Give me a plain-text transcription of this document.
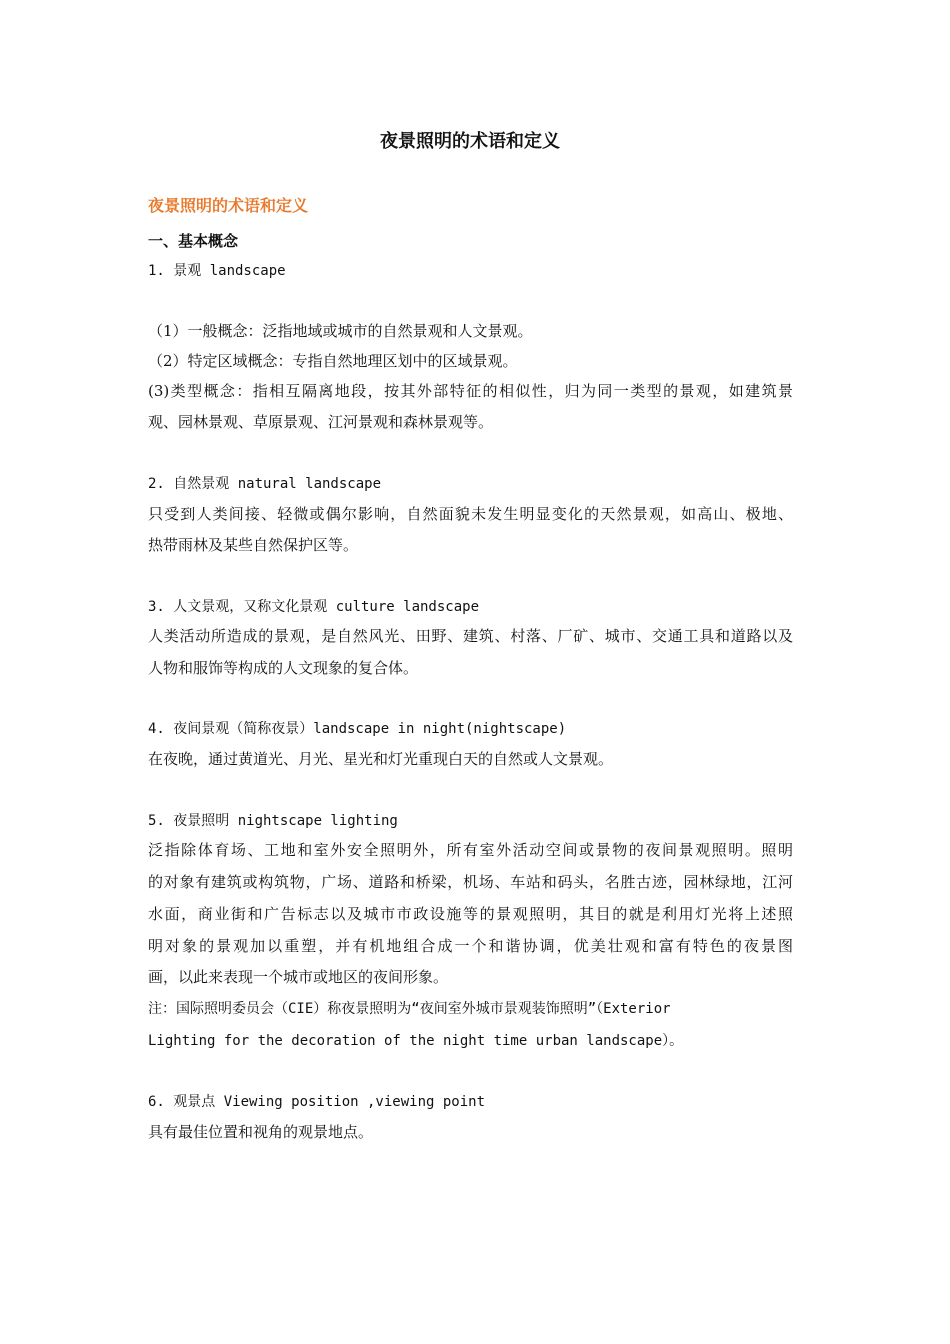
夜景照明的术语和定义
夜景照明的术语和定义
一、基本概念
1. 景观 landscape
（1）一般概念：泛指地域或城市的自然景观和人文景观。
（2）特定区域概念：专指自然地理区划中的区域景观。
(3)类型概念：指相互隔离地段，按其外部特征的相似性，归为同一类型的景观，如建筑景
观、园林景观、草原景观、江河景观和森林景观等。
2. 自然景观 natural landscape
只受到人类间接、轻微或偶尔影响，自然面貌未发生明显变化的天然景观，如高山、极地、
热带雨林及某些自然保护区等。
3. 人文景观，又称文化景观 culture landscape
人类活动所造成的景观，是自然风光、田野、建筑、村落、厂矿、城市、交通工具和道路以及
人物和服饰等构成的人文现象的复合体。
4. 夜间景观（简称夜景）landscape in night(nightscape)
在夜晚，通过黄道光、月光、星光和灯光重现白天的自然或人文景观。
5. 夜景照明 nightscape lighting
泛指除体育场、工地和室外安全照明外，所有室外活动空间或景物的夜间景观照明。照明
的对象有建筑或构筑物，广场、道路和桥梁，机场、车站和码头，名胜古迹，园林绿地，江河
水面，商业街和广告标志以及城市市政设施等的景观照明，其目的就是利用灯光将上述照
明对象的景观加以重塑，并有机地组合成一个和谐协调，优美壮观和富有特色的夜景图
画，以此来表现一个城市或地区的夜间形象。
注：国际照明委员会（CIE）称夜景照明为“夜间室外城市景观装饰照明”（Exterior
Lighting for the decoration of the night time urban landscape）。
6. 观景点 Viewing position ,viewing point
具有最佳位置和视角的观景地点。
